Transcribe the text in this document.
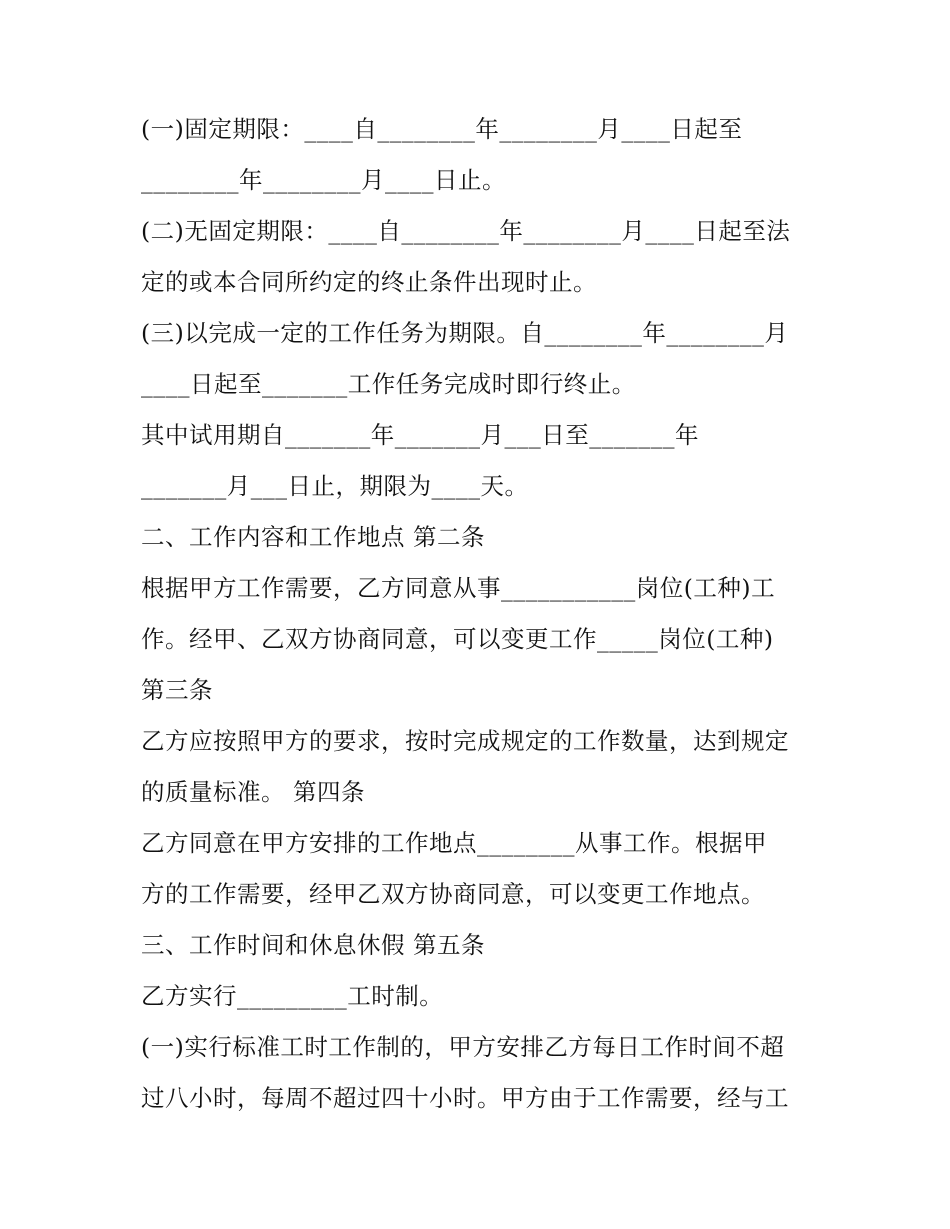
(一)固定期限：____自________年________月____日起至
________年________月____日止。
(二)无固定期限：____自________年________月____日起至法
定的或本合同所约定的终止条件出现时止。
(三)以完成一定的工作任务为期限。自________年________月
____日起至_______工作任务完成时即行终止。
其中试用期自_______年_______月___日至_______年
_______月___日止，期限为____天。
二、工作内容和工作地点 第二条
根据甲方工作需要，乙方同意从事___________岗位(工种)工
作。经甲、乙双方协商同意，可以变更工作_____岗位(工种)
第三条
乙方应按照甲方的要求，按时完成规定的工作数量，达到规定
的质量标准。 第四条
乙方同意在甲方安排的工作地点________从事工作。根据甲
方的工作需要，经甲乙双方协商同意，可以变更工作地点。
三、工作时间和休息休假 第五条
乙方实行_________工时制。
(一)实行标准工时工作制的，甲方安排乙方每日工作时间不超
过八小时，每周不超过四十小时。甲方由于工作需要，经与工
